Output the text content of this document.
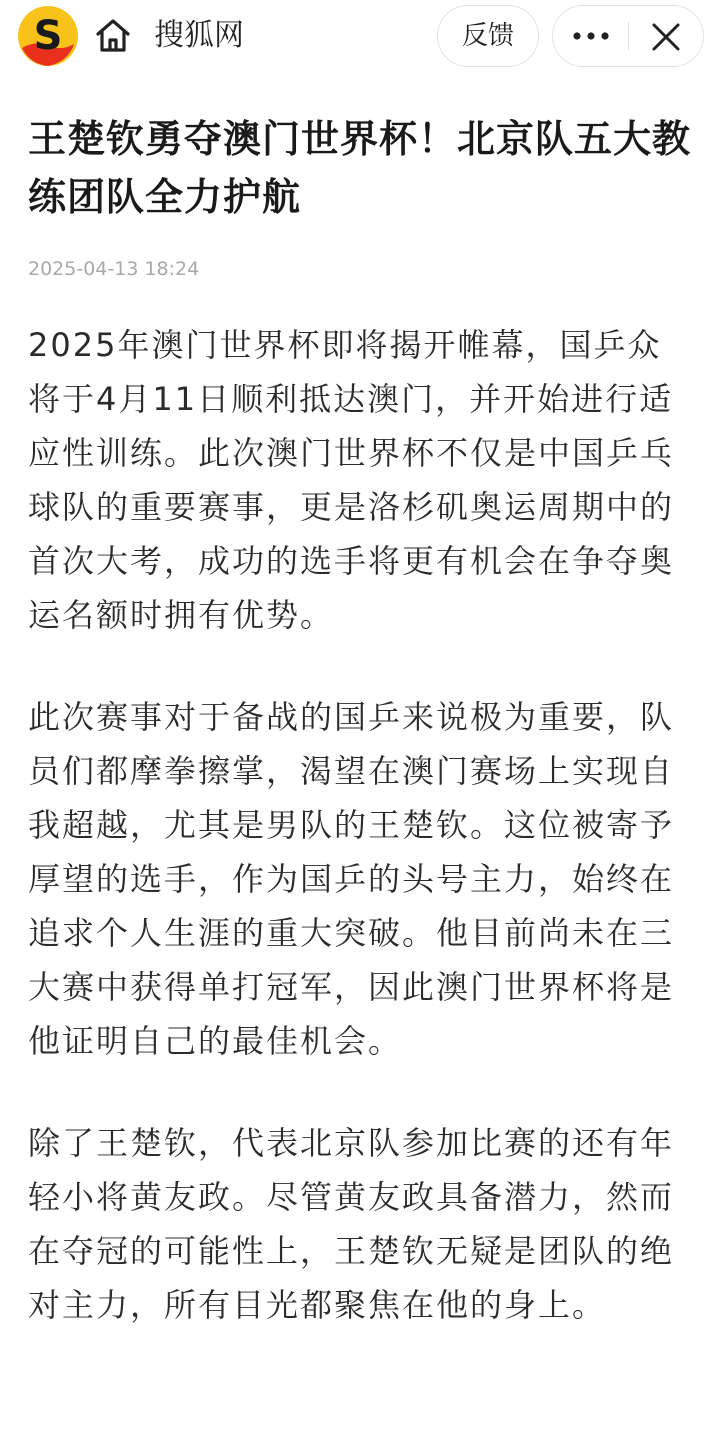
S	搜狐网	反馈
王楚钦勇夺澳门世界杯！北京队五大教练团队全力护航
2025-04-13 18:24

2025年澳门世界杯即将揭开帷幕，国乒众将于4月11日顺利抵达澳门，并开始进行适应性训练。此次澳门世界杯不仅是中国乒乓球队的重要赛事，更是洛杉矶奥运周期中的首次大考，成功的选手将更有机会在争夺奥运名额时拥有优势。

此次赛事对于备战的国乒来说极为重要，队员们都摩拳擦掌，渴望在澳门赛场上实现自我超越，尤其是男队的王楚钦。这位被寄予厚望的选手，作为国乒的头号主力，始终在追求个人生涯的重大突破。他目前尚未在三大赛中获得单打冠军，因此澳门世界杯将是他证明自己的最佳机会。

除了王楚钦，代表北京队参加比赛的还有年轻小将黄友政。尽管黄友政具备潜力，然而在夺冠的可能性上，王楚钦无疑是团队的绝对主力，所有目光都聚焦在他的身上。
